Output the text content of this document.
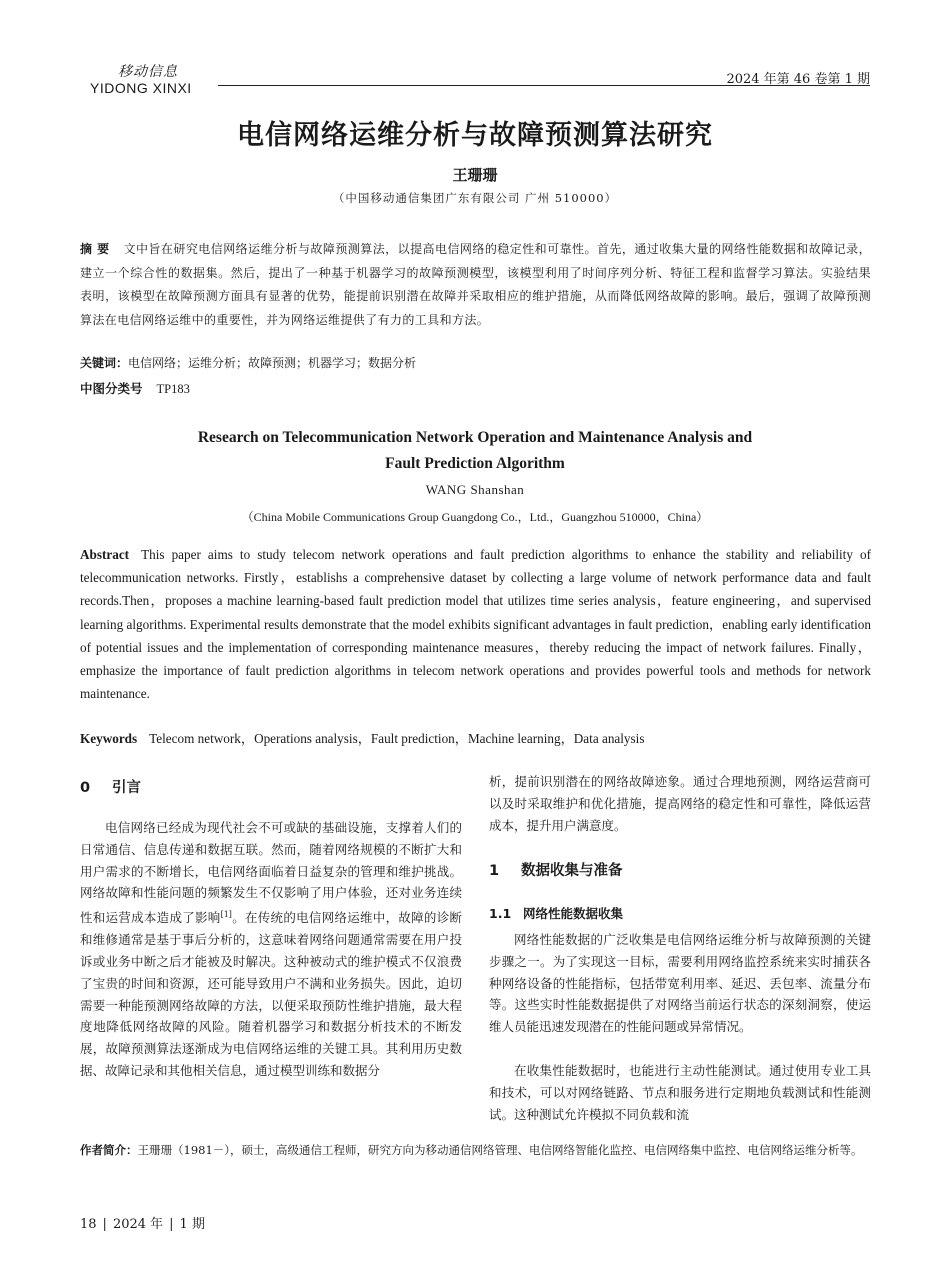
移动信息
YIDONG XINXI
2024 年第 46 卷第 1 期
电信网络运维分析与故障预测算法研究
王珊珊
（中国移动通信集团广东有限公司 广州 510000）
摘 要 文中旨在研究电信网络运维分析与故障预测算法，以提高电信网络的稳定性和可靠性。首先，通过收集大量的网络性能数据和故障记录，建立一个综合性的数据集。然后，提出了一种基于机器学习的故障预测模型，该模型利用了时间序列分析、特征工程和监督学习算法。实验结果表明，该模型在故障预测方面具有显著的优势，能提前识别潜在故障并采取相应的维护措施，从而降低网络故障的影响。最后，强调了故障预测算法在电信网络运维中的重要性，并为网络运维提供了有力的工具和方法。
关键词：电信网络；运维分析；故障预测；机器学习；数据分析
中图分类号 TP183
Research on Telecommunication Network Operation and Maintenance Analysis and
Fault Prediction Algorithm
WANG Shanshan
（China Mobile Communications Group Guangdong Co.，Ltd.，Guangzhou 510000，China）
Abstract This paper aims to study telecom network operations and fault prediction algorithms to enhance the stability and reliability of telecommunication networks. Firstly，establishs a comprehensive dataset by collecting a large volume of network performance data and fault records.Then，proposes a machine learning-based fault prediction model that utilizes time series analysis，feature engineering，and supervised learning algorithms. Experimental results demonstrate that the model exhibits significant advantages in fault prediction，enabling early identification of potential issues and the implementation of corresponding maintenance measures，thereby reducing the impact of network failures. Finally，emphasize the importance of fault prediction algorithms in telecom network operations and provides powerful tools and methods for network maintenance.
Keywords Telecom network，Operations analysis，Fault prediction，Machine learning，Data analysis
0 引言

电信网络已经成为现代社会不可或缺的基础设施，支撑着人们的日常通信、信息传递和数据互联。然而，随着网络规模的不断扩大和用户需求的不断增长，电信网络面临着日益复杂的管理和维护挑战。网络故障和性能问题的频繁发生不仅影响了用户体验，还对业务连续性和运营成本造成了影响[1]。在传统的电信网络运维中，故障的诊断和维修通常是基于事后分析的，这意味着网络问题通常需要在用户投诉或业务中断之后才能被及时解决。这种被动式的维护模式不仅浪费了宝贵的时间和资源，还可能导致用户不满和业务损失。因此，迫切需要一种能预测网络故障的方法，以便采取预防性维护措施，最大程度地降低网络故障的风险。随着机器学习和数据分析技术的不断发展，故障预测算法逐渐成为电信网络运维的关键工具。其利用历史数据、故障记录和其他相关信息，通过模型训练和数据分

析，提前识别潜在的网络故障迹象。通过合理地预测，网络运营商可以及时采取维护和优化措施，提高网络的稳定性和可靠性，降低运营成本，提升用户满意度。

1 数据收集与准备
1.1 网络性能数据收集

网络性能数据的广泛收集是电信网络运维分析与故障预测的关键步骤之一。为了实现这一目标，需要利用网络监控系统来实时捕获各种网络设备的性能指标，包括带宽利用率、延迟、丢包率、流量分布等。这些实时性能数据提供了对网络当前运行状态的深刻洞察，使运维人员能迅速发现潜在的性能问题或异常情况。

在收集性能数据时，也能进行主动性能测试。通过使用专业工具和技术，可以对网络链路、节点和服务进行定期地负载测试和性能测试。这种测试允许模拟不同负载和流

作者简介：王珊珊（1981－），硕士，高级通信工程师，研究方向为移动通信网络管理、电信网络智能化监控、电信网络集中监控、电信网络运维分析等。
18 | 2024 年 | 1 期
